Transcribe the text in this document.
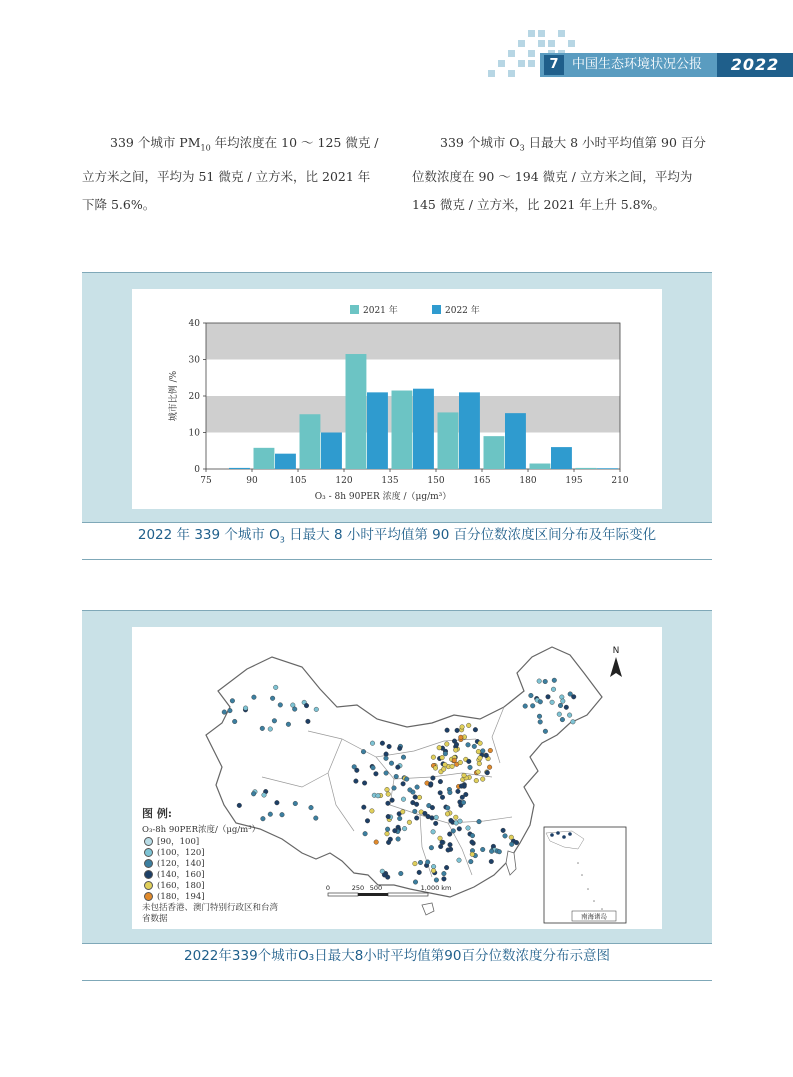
7	中国生态环境状况公报	2022
339 个城市 $PM_{10}$ 年均浓度在 10 ～ 125 微克 / 立方米之间，平均为 51 微克 / 立方米，比 2021 年下降 5.6%。
339 个城市 $O_3$ 日最大 8 小时平均值第 90 百分位数浓度在 90 ～ 194 微克 / 立方米之间，平均为 145 微克 / 立方米，比 2021 年上升 5.8%。
75	90	105	120	135	150	165	180	195	210
0
10
20
30
40
O₃ - 8h 90PER 浓度 /（μg/m³）
城市比例 /%
2021 年	2022 年
2022 年 339 个城市 $O_3$ 日最大 8 小时平均值第 90 百分位数浓度区间分布及年际变化
N
0	250 500	1,000 km
南海诸岛
图 例:
O₃-8h 90PER浓度/（μg/m³）
[90，100]
(100，120]
(120，140]
(140，160]
(160，180]
(180，194]
未包括香港、澳门特别行政区和台湾省数据
2022年339个城市O₃日最大8小时平均值第90百分位数浓度分布示意图
